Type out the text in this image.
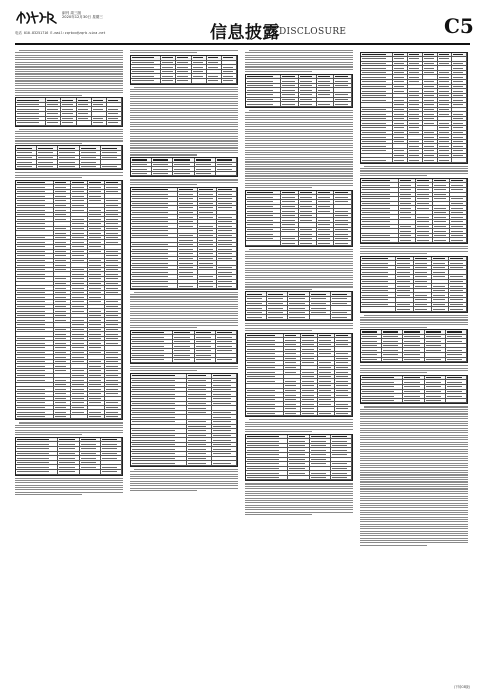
副刊 周三版
2020年12月30日 星期三
电话 010-83251716 E-mail:zqrbxx@zqrb.sina.net	信息披露 DISCLOSURE	C5
(下转C6版)
